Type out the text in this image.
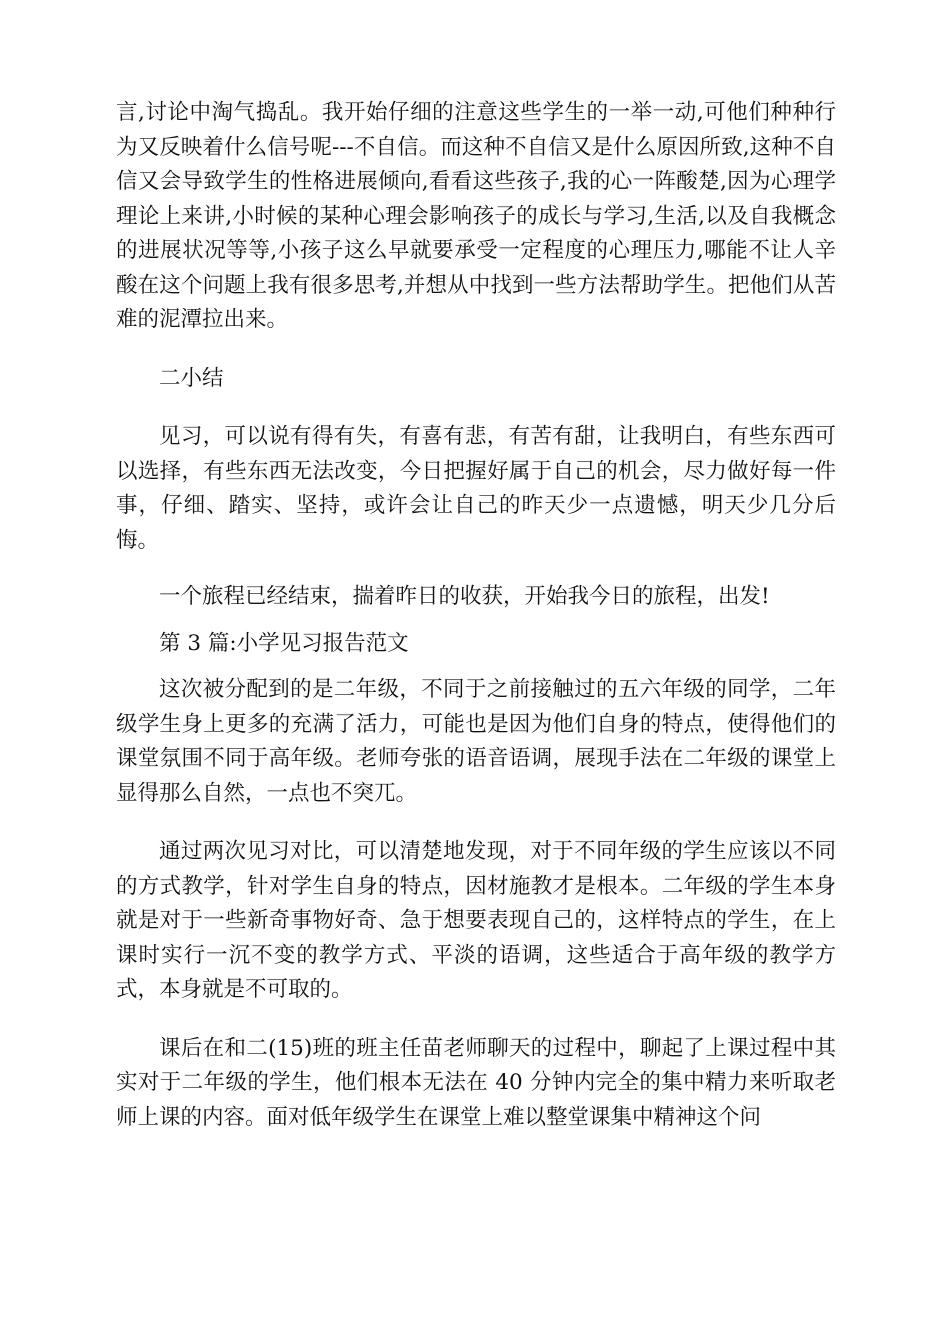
言,讨论中淘气捣乱。我开始仔细的注意这些学生的一举一动,可他们种种行为又反映着什么信号呢---不自信。而这种不自信又是什么原因所致,这种不自信又会导致学生的性格进展倾向,看看这些孩子,我的心一阵酸楚,因为心理学理论上来讲,小时候的某种心理会影响孩子的成长与学习,生活,以及自我概念的进展状况等等,小孩子这么早就要承受一定程度的心理压力,哪能不让人辛酸在这个问题上我有很多思考,并想从中找到一些方法帮助学生。把他们从苦难的泥潭拉出来。

二小结

见习，可以说有得有失，有喜有悲，有苦有甜，让我明白，有些东西可以选择，有些东西无法改变，今日把握好属于自己的机会，尽力做好每一件事，仔细、踏实、坚持，或许会让自己的昨天少一点遗憾，明天少几分后悔。

一个旅程已经结束，揣着昨日的收获，开始我今日的旅程，出发!

第 3 篇:小学见习报告范文

这次被分配到的是二年级，不同于之前接触过的五六年级的同学，二年级学生身上更多的充满了活力，可能也是因为他们自身的特点，使得他们的课堂氛围不同于高年级。老师夸张的语音语调，展现手法在二年级的课堂上显得那么自然，一点也不突兀。

通过两次见习对比，可以清楚地发现，对于不同年级的学生应该以不同的方式教学，针对学生自身的特点，因材施教才是根本。二年级的学生本身就是对于一些新奇事物好奇、急于想要表现自己的，这样特点的学生，在上课时实行一沉不变的教学方式、平淡的语调，这些适合于高年级的教学方式，本身就是不可取的。

课后在和二(15)班的班主任苗老师聊天的过程中，聊起了上课过程中其实对于二年级的学生，他们根本无法在 40 分钟内完全的集中精力来听取老师上课的内容。面对低年级学生在课堂上难以整堂课集中精神这个问
